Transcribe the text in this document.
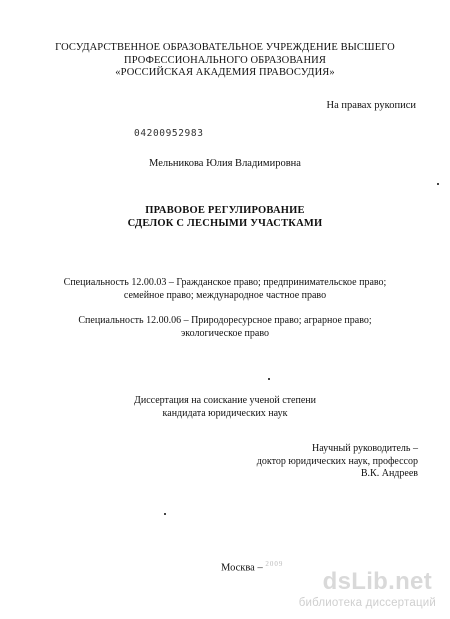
ГОСУДАРСТВЕННОЕ ОБРАЗОВАТЕЛЬНОЕ УЧРЕЖДЕНИЕ ВЫСШЕГО
ПРОФЕССИОНАЛЬНОГО ОБРАЗОВАНИЯ
«РОССИЙСКАЯ АКАДЕМИЯ ПРАВОСУДИЯ»
На правах рукописи
04200952983
Мельникова Юлия Владимировна
ПРАВОВОЕ РЕГУЛИРОВАНИЕ
СДЕЛОК С ЛЕСНЫМИ УЧАСТКАМИ
Специальность 12.00.03 – Гражданское право; предпринимательское право;
семейное право; международное частное право
Специальность 12.00.06 – Природоресурсное право; аграрное право;
экологическое право
Диссертация на соискание ученой степени
кандидата юридических наук
Научный руководитель –
доктор юридических наук, профессор
В.К. Андреев
Москва – $^{2009}$
dsLib.net
библиотека диссертаций
